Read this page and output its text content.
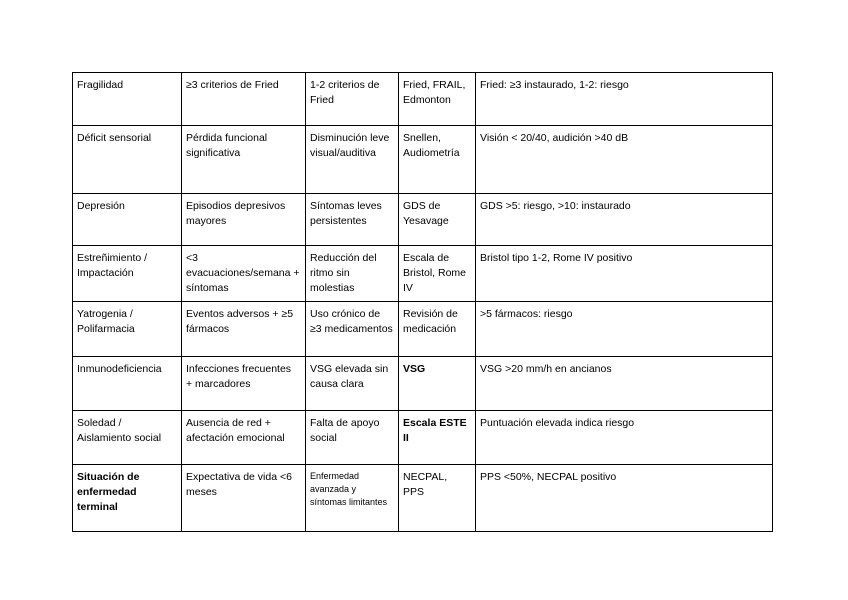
Fragilidad	≥3 criterios de Fried	1-2 criterios de Fried	Fried, FRAIL, Edmonton	Fried: ≥3 instaurado, 1-2: riesgo
Déficit sensorial	Pérdida funcional significativa	Disminución leve visual/auditiva	Snellen, Audiometría	Visión < 20/40, audición >40 dB
Depresión	Episodios depresivos mayores	Síntomas leves persistentes	GDS de Yesavage	GDS >5: riesgo, >10: instaurado
Estreñimiento / Impactación	<3 evacuaciones/semana + síntomas	Reducción del ritmo sin molestias	Escala de Bristol, Rome IV	Bristol tipo 1-2, Rome IV positivo
Yatrogenia / Polifarmacia	Eventos adversos + ≥5 fármacos	Uso crónico de ≥3 medicamentos	Revisión de medicación	>5 fármacos: riesgo
Inmunodeficiencia	Infecciones frecuentes + marcadores	VSG elevada sin causa clara	VSG	VSG >20 mm/h en ancianos
Soledad / Aislamiento social	Ausencia de red + afectación emocional	Falta de apoyo social	Escala ESTE II	Puntuación elevada indica riesgo
Situación de enfermedad terminal	Expectativa de vida <6 meses	Enfermedad avanzada y síntomas limitantes	NECPAL, PPS	PPS <50%, NECPAL positivo
